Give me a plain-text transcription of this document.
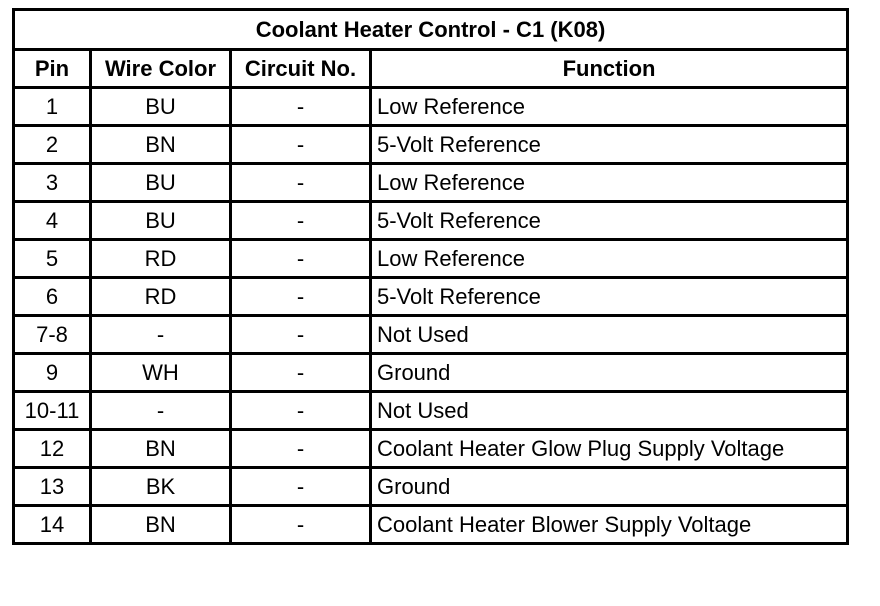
Coolant Heater Control - C1 (K08)			
Pin	Wire Color	Circuit No.	Function
1	BU	-	Low Reference
2	BN	-	5-Volt Reference
3	BU	-	Low Reference
4	BU	-	5-Volt Reference
5	RD	-	Low Reference
6	RD	-	5-Volt Reference
7-8	-	-	Not Used
9	WH	-	Ground
10-11	-	-	Not Used
12	BN	-	Coolant Heater Glow Plug Supply Voltage
13	BK	-	Ground
14	BN	-	Coolant Heater Blower Supply Voltage
